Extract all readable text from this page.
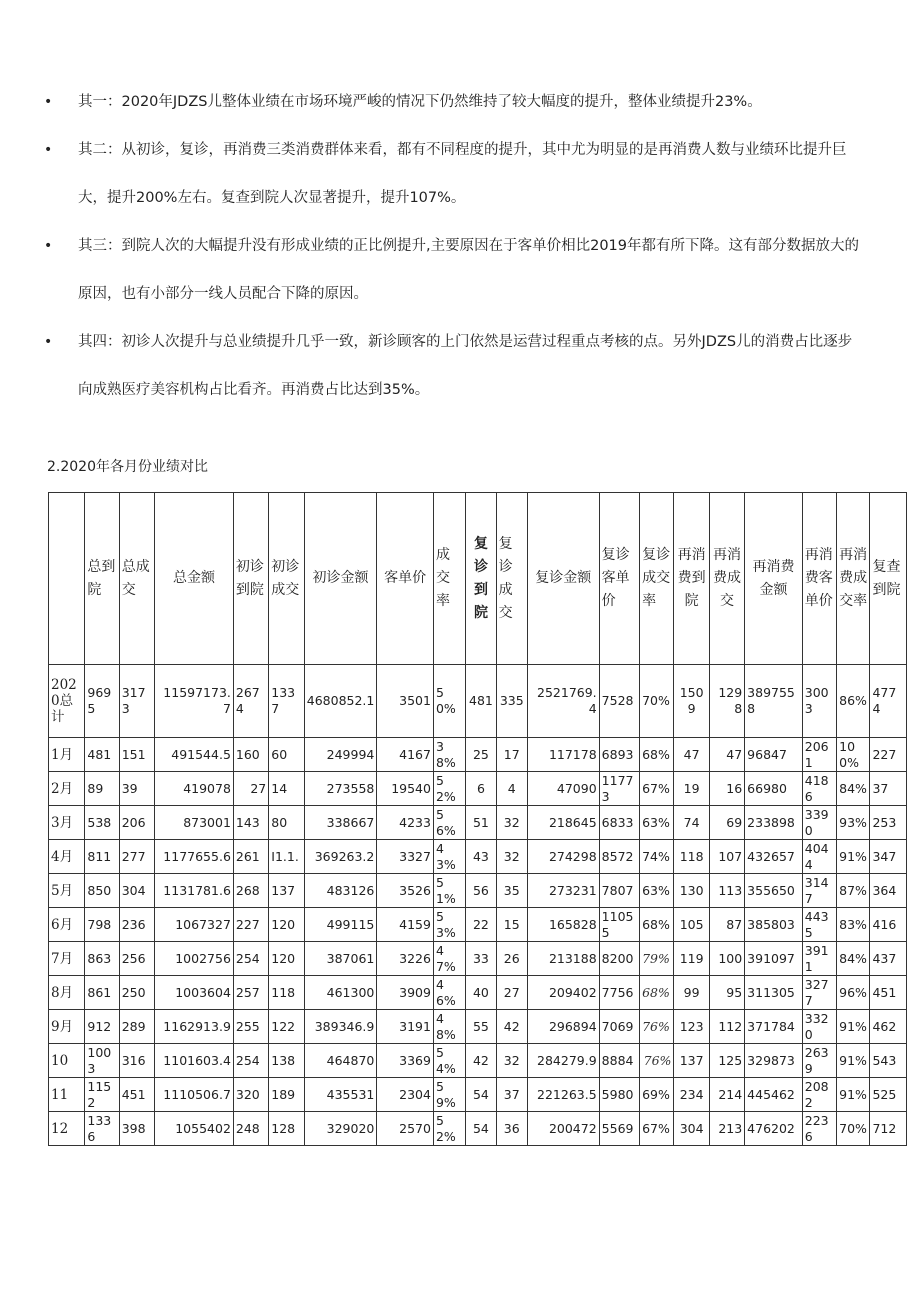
• 其一：2020年JDZS儿整体业绩在市场环境严峻的情况下仍然维持了较大幅度的提升，整体业绩提升23%。
• 其二：从初诊，复诊，再消费三类消费群体来看，都有不同程度的提升，其中尤为明显的是再消费人数与业绩环比提升巨
大，提升200%左右。复查到院人次显著提升，提升107%。
• 其三：到院人次的大幅提升没有形成业绩的正比例提升,主要原因在于客单价相比2019年都有所下降。这有部分数据放大的
原因，也有小部分一线人员配合下降的原因。
• 其四：初诊人次提升与总业绩提升几乎一致，新诊顾客的上门依然是运营过程重点考核的点。另外JDZS儿的消费占比逐步
向成熟医疗美容机构占比看齐。再消费占比达到35%。
2.2020年各月份业绩对比
	总到院	总成交	总金额	初诊到院	初诊成交	初诊金额	客单价	成交率	复诊到院	复诊成交	复诊金额	复诊客单价	复诊成交率	再消费到院	再消费成交	再消费金额	再消费客单价	再消费成交率	复查到院
2020总计	9695	3173	11597173.7	2674	1337	4680852.1	3501	50%	481	335	2521769.4	7528	70%	1509	1298	3897558	3003	86%	4774
1月	481	151	491544.5	160	60	249994	4167	38%	25	17	117178	6893	68%	47	47	96847	2061	100%	227
2月	89	39	419078	27	14	273558	19540	52%	6	4	47090	11773	67%	19	16	66980	4186	84%	37
3月	538	206	873001	143	80	338667	4233	56%	51	32	218645	6833	63%	74	69	233898	3390	93%	253
4月	811	277	1177655.6	261	I1.1.	369263.2	3327	43%	43	32	274298	8572	74%	118	107	432657	4044	91%	347
5月	850	304	1131781.6	268	137	483126	3526	51%	56	35	273231	7807	63%	130	113	355650	3147	87%	364
6月	798	236	1067327	227	120	499115	4159	53%	22	15	165828	11055	68%	105	87	385803	4435	83%	416
7月	863	256	1002756	254	120	387061	3226	47%	33	26	213188	8200	79%	119	100	391097	3911	84%	437
8月	861	250	1003604	257	118	461300	3909	46%	40	27	209402	7756	68%	99	95	311305	3277	96%	451
9月	912	289	1162913.9	255	122	389346.9	3191	48%	55	42	296894	7069	76%	123	112	371784	3320	91%	462
10	1003	316	1101603.4	254	138	464870	3369	54%	42	32	284279.9	8884	76%	137	125	329873	2639	91%	543
11	1152	451	1110506.7	320	189	435531	2304	59%	54	37	221263.5	5980	69%	234	214	445462	2082	91%	525
12	1336	398	1055402	248	128	329020	2570	52%	54	36	200472	5569	67%	304	213	476202	2236	70%	712
